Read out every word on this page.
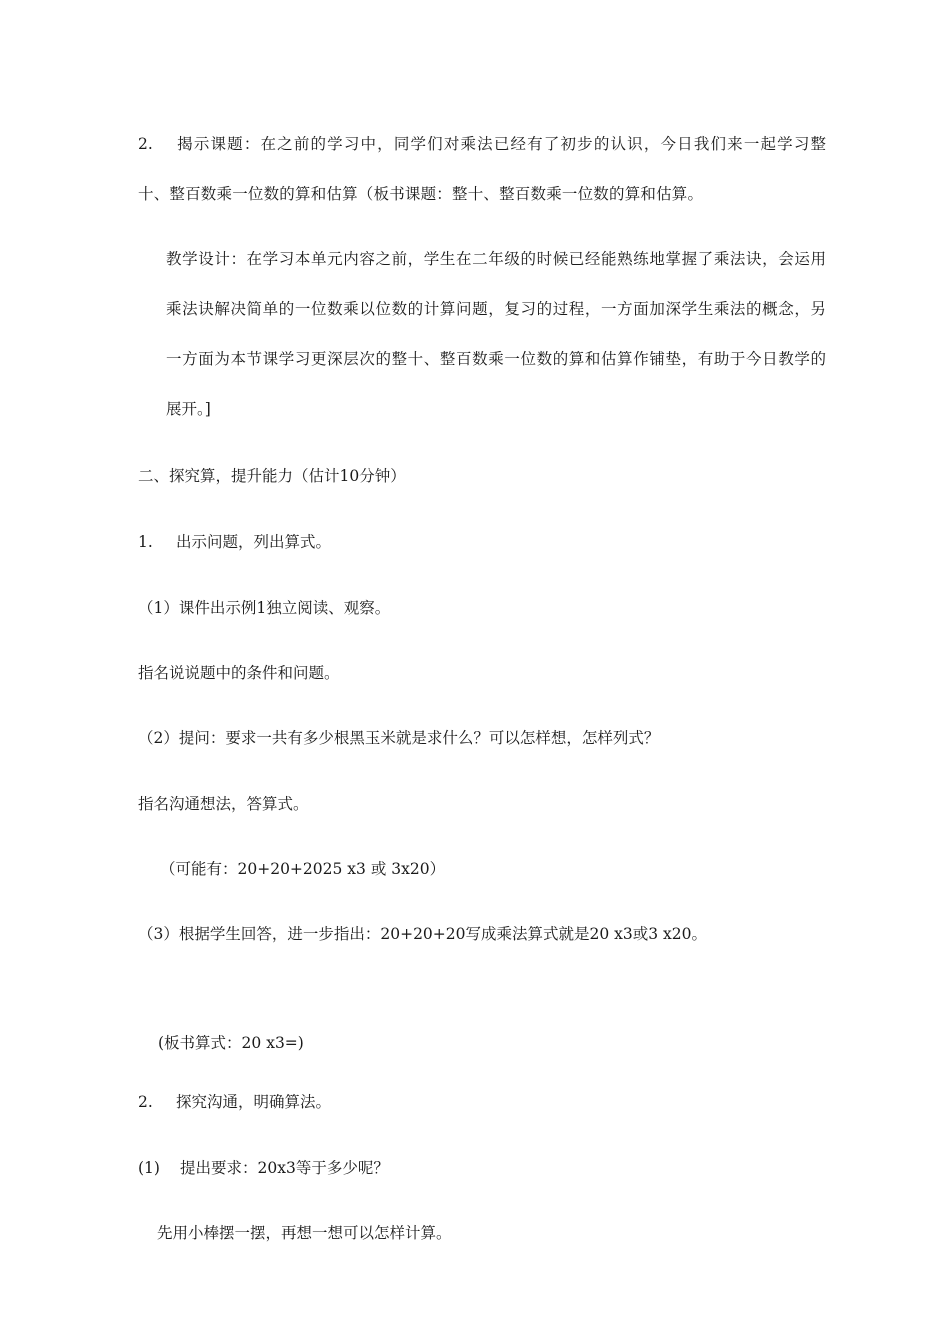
2. 揭示课题：在之前的学习中，同学们对乘法已经有了初步的认识，今日我们来一起学习整
十、整百数乘一位数的算和估算（板书课题：整十、整百数乘一位数的算和估算。
教学设计：在学习本单元内容之前，学生在二年级的时候已经能熟练地掌握了乘法诀，会运用
乘法诀解决简单的一位数乘以位数的计算问题，复习的过程，一方面加深学生乘法的概念，另
一方面为本节课学习更深层次的整十、整百数乘一位数的算和估算作铺垫，有助于今日教学的
展开。]
二、探究算，提升能力（估计10分钟）
1. 出示问题，列出算式。
（1）课件出示例1独立阅读、观察。
指名说说题中的条件和问题。
（2）提问：要求一共有多少根黑玉米就是求什么？可以怎样想，怎样列式？
指名沟通想法，答算式。
（可能有：20+20+2025 x3 或 3x20）
（3）根据学生回答，进一步指出：20+20+20写成乘法算式就是20 x3或3 x20。
(板书算式：20 x3=)
2. 探究沟通，明确算法。
(1) 提出要求：20x3等于多少呢？
先用小棒摆一摆，再想一想可以怎样计算。
